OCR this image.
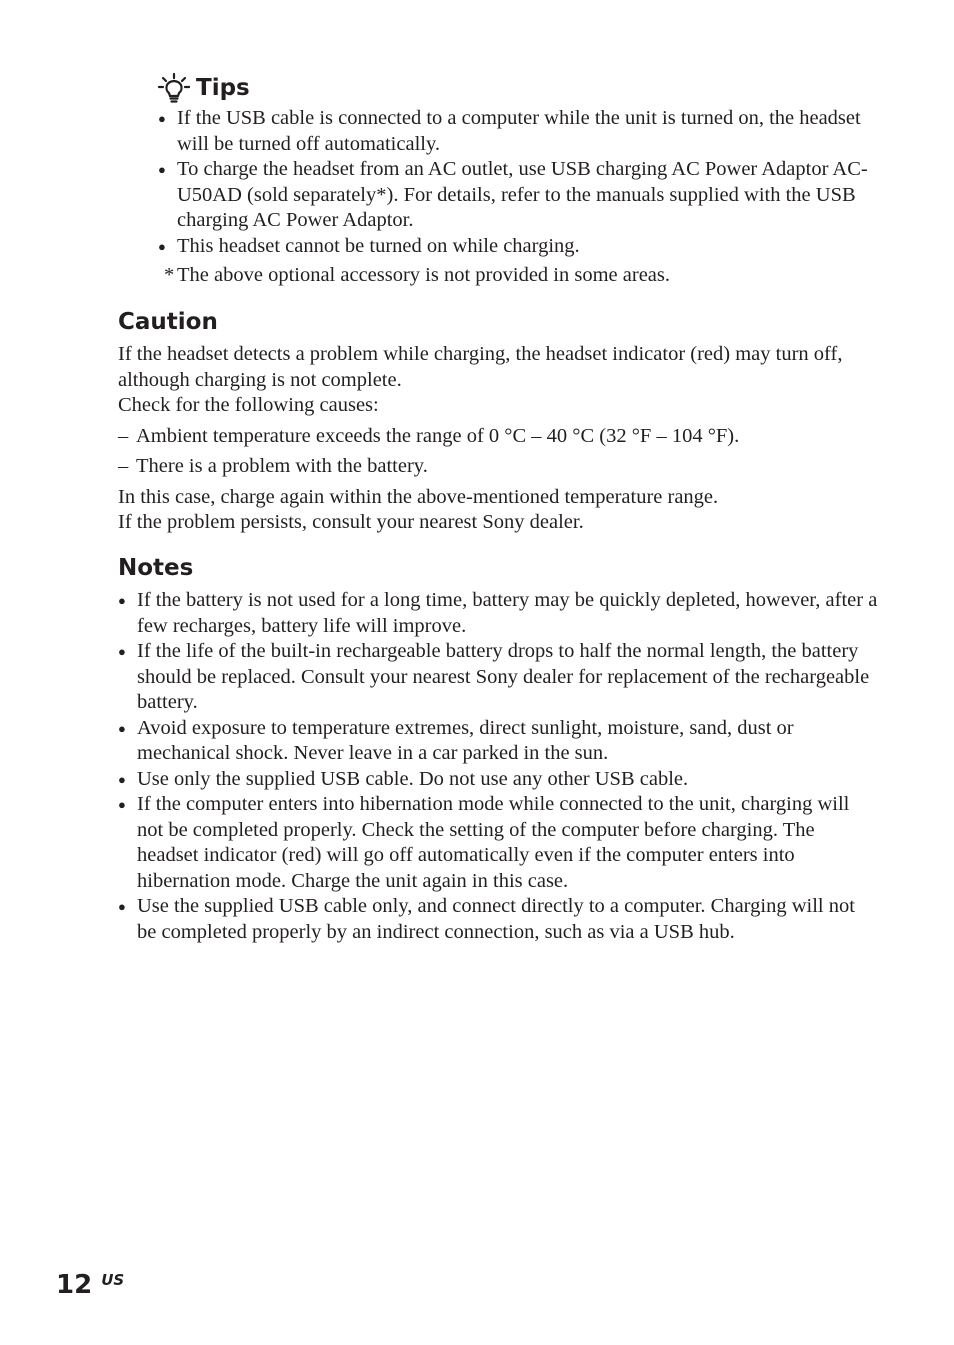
Tips
● If the USB cable is connected to a computer while the unit is turned on, the headset will be turned off automatically.
● To charge the headset from an AC outlet, use USB charging AC Power Adaptor AC-U50AD (sold separately*). For details, refer to the manuals supplied with the USB charging AC Power Adaptor.
● This headset cannot be turned on while charging.
* The above optional accessory is not provided in some areas.
Caution
If the headset detects a problem while charging, the headset indicator (red) may turn off, although charging is not complete.
Check for the following causes:
– Ambient temperature exceeds the range of 0 °C – 40 °C (32 °F – 104 °F).
– There is a problem with the battery.
In this case, charge again within the above-mentioned temperature range.
If the problem persists, consult your nearest Sony dealer.
Notes
● If the battery is not used for a long time, battery may be quickly depleted, however, after a few recharges, battery life will improve.
● If the life of the built-in rechargeable battery drops to half the normal length, the battery should be replaced. Consult your nearest Sony dealer for replacement of the rechargeable battery.
● Avoid exposure to temperature extremes, direct sunlight, moisture, sand, dust or mechanical shock. Never leave in a car parked in the sun.
● Use only the supplied USB cable. Do not use any other USB cable.
● If the computer enters into hibernation mode while connected to the unit, charging will not be completed properly. Check the setting of the computer before charging. The headset indicator (red) will go off automatically even if the computer enters into hibernation mode. Charge the unit again in this case.
● Use the supplied USB cable only, and connect directly to a computer. Charging will not be completed properly by an indirect connection, such as via a USB hub.
12 US
